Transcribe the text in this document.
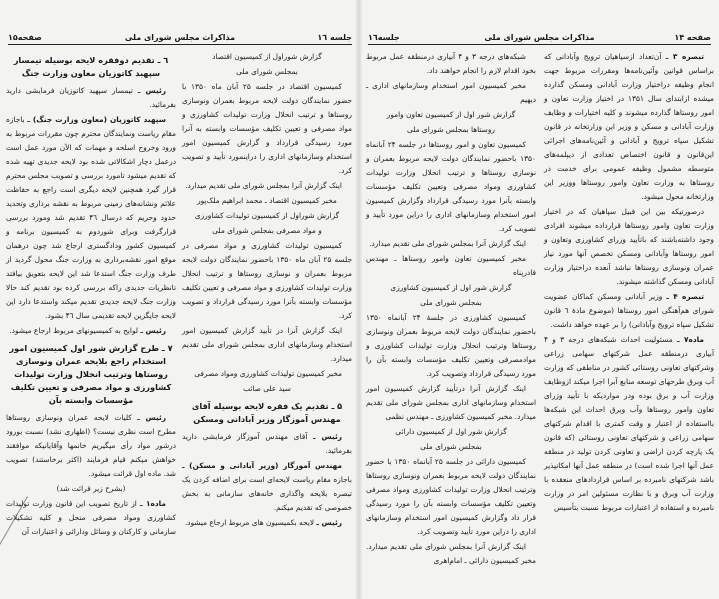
مذاکرات مجلس شورای ملی	جلسه ۱٦
صفحه۱۵
گزارش شوراول از کمیسیون اقتصاد
بمجلس شورای ملی
کمیسیون اقتصاد در جلسه ۲۵ آبان ماه ۱۳۵۰ با حضور نمایندگان دولت لایحه مربوط بعمران ونوسازی روستاها و ترتیب انحلال وزارت تولیدات کشاورزی و مواد مصرفی و تعیین تکلیف مؤسسات وابسته به آنرا مورد رسیدگی قرارداد و گزارش کمیسیون امور استخدام وسازمانهای اداری را دراینمورد تأیید و تصویب کرد.
اینک گزارش آنرا بمجلس شورای ملی تقدیم میدارد.
مخبر کمیسیون اقتصاد ـ محمد ابراهیم ملک‌پور
گزارش شوراول از کمیسیون تولیدات کشاورزی
و مواد مصرفی بمجلس شورای ملی
کمیسیون تولیدات کشاورزی و مواد مصرفی در جلسه ۲۵ آبان ماه ۱۳۵۰ باحضور نمایندگان دولت لایحه مربوط بعمران و نوسازی روستاها و ترتیب انحلال وزارت تولیدات کشاورزی و مواد مصرفی و تعیین تکلیف مؤسسات وابسته بآنرا مورد رسیدگی قرارداد و تصویب کرد.
اینک گزارش آنرا در تأیید گزارش کمیسیون امور استخدام وسازمانهای اداری بمجلس شورای ملی تقدیم میدارد.
مخبر کمیسیون تولیدات کشاورزی ومواد مصرفی
سید علی صائب
۵ ـ تقدیم یک فقره لایحه بوسیله آقای مهندس آموزگار وزیر آبادانی ومسکن
رئیس ـ آقای مهندس آموزگار فرمایشی دارید بفرمائید.
مهندس آموزگار (وزیر آبادانی و مسکن) ـ باجازه مقام ریاست لایحه‌ای است برای اضافه کردن یک تبصره بلایحه واگذاری خانه‌های سازمانی به بخش خصوصی که تقدیم میکنم.
رئیس ـ لایحه بکمیسیون های مربوط ارجاع میشود.
٦ ـ تقدیم دوفقره لایحه بوسیله تیمسار سپهبد کاتوزیان معاون وزارت جنگ
رئیس ـ تیمسار سپهبد کاتوزیان فرمایشی دارید بفرمائید.
سپهبد کاتوزیان (معاون وزارت جنگ) ـ باجازه مقام ریاست ونمایندگان محترم چون مقررات مربوط به ورود وخروج اسلحه و مهمات که الآن مورد عمل است درعمل دچار اشکالاتی شده بود لایحه جدیدی تهیه شده که تقدیم میشود تامورد بررسی و تصویب مجلس محترم قرار گیرد همچنین لایحه دیگری است راجع به حفاظت علائم ونشانه‌های زمینی مربوط به نقشه برداری وتحدید حدود وحریم که درسال ۴٦ تقدیم شد ومورد بررسی قرارگرفت وبرای شوردوم به کمیسیون برنامه و کمیسیون کشور ودادگستری ارجاع شد چون درهمان موقع امور نقشه‌برداری به وزارت جنگ محول گردید از طرف وزارت جنگ استدعا شد این لایحه بتعویق بیافتد تانظریات جدیدی راکه بررسی کرده بود تقدیم کند حالا وزارت جنگ لایحه جدیدی تقدیم میکند واستدعا دارد این لایحه جایگزین لایحه تقدیمی سال ۴٦ بشود.
رئیس ـ لوایح به کمیسیونهای مربوط ارجاع میشود.
۷ ـ طرح گزارش شور اول کمیسیون امور استخدام راجع بلایحه عمران ونوسازی روستاها وترتیب انحلال وزارت تولیدات کشاورزی و مواد مصرفی و تعیین تکلیف مؤسسات وابسته بآن
رئیس ـ کلیات لایحه عمران ونوسازی روستاها مطرح است نظری نیست؟ (اظهاری نشد) نسبت بورود درشور مواد رأی میگیریم خانمها وآقایانیکه موافقند خواهش میکنم قیام فرمایند (اکثر برخاستند) تصویب شد. ماده اول قرائت میشود.
(بشرح زیر قرائت شد)
ماده۱ ـ از تاریخ تصویب این قانون وزارت تولیدات کشاورزی ومواد مصرفی منحل و کلیه تشکیلات سازمانی و کارکنان و وسائل ودارائی و اعتبارات آن
مذاکرات مجلس شورای ملی	صفحه ۱۴
جلسه۱٦
شبکه‌های درجه ۳ و ۴ آبیاری درمنطقه عمل مربوط بخود اقدام لازم را انجام خواهند داد.
مخبر کمیسیون امور استخدام وسازمانهای اداری ـ دیهیم
گزارش شور اول از کمیسیون تعاون وامور
روستاها بمجلس شورای ملی
کمیسیون تعاون و امور روستاها در جلسه ۲۴ آبانماه ۱۳۵۰ باحضور نمایندگان دولت لایحه مربوط بعمران و نوسازی روستاها و ترتیب انحلال وزارت تولیدات کشاورزی ومواد مصرفی وتعیین تکلیف مؤسسات وابسته بآنرا مورد رسیدگی قرارداد وگزارش کمیسیون امور استخدام وسازمانهای اداری را دراین مورد تأیید و تصویب کرد.
اینک گزارش آنرا بمجلس شورای ملی تقدیم میدارد.
مخبر کمیسیون تعاون وامور روستاها ـ مهندس قادرپناه
گزارش شور اول از کمیسیون کشاورزی
بمجلس شورای ملی
کمیسیون کشاورزی در جلسهٔ ۲۴ آبانماه ۱۳۵۰ باحضور نمایندگان دولت لایحه مربوط بعمران ونوسازی روستاها وترتیب انحلال وزارت تولیدات کشاورزی و موادمصرفی وتعیین تکلیف مؤسسات وابسته بآن را مورد رسیدگی قرارداد وتصویب کرد.
اینک گزارش آنرا درتأیید گزارش کمیسیون امور استخدام وسازمانهای اداری بمجلس شورای ملی تقدیم میدارد. مخبر کمیسیون کشاورزی ـ مهندس نظمی
گزارش شور اول از کمیسیون دارائی
بمجلس شورای ملی
کمیسیون دارائی در جلسه ۲۵ آبانماه ۱۳۵۰ با حضور نمایندگان دولت لایحه مربوط بعمران ونوسازی روستاها وترتیب انحلال وزارت تولیدات کشاورزی ومواد مصرفی وتعیین تکلیف مؤسسات وابسته بآن را مورد رسیدگی قرار داد وگزارش کمیسیون امور استخدام وسازمانهای اداری را دراین مورد تأیید وتصویب کرد.
اینک گزارش آنرا بمجلس شورای ملی تقدیم میدارد. مخبر کمیسیون دارائی ـ امام‌اهری
تبصره ۳ ـ آن‌تعداد ازسپاهیان ترویج وآبادانی که براساس قوانین وآئین‌نامه‌ها ومقررات مربوط جهت انجام وظیفه دراختیار وزارت آبادانی ومسکن گذارده میشده ازابتدای سال ۱۳۵۱ در اختیار وزارت تعاون و امور روستاها گذارده میشوند و کلیه اختیارات و وظایف وزارت آبادانی و مسکن و وزیر این وزارتخانه در قانون تشکیل سپاه ترویج و آبادانی و آئین‌نامه‌های اجرائی این‌قانون و قانون اختصاص تعدادی از دیپلمه‌های متوسطه مشمول وظیفه عمومی برای خدمت در روستاها به وزارت تعاون وامور روستاها ووزیر این وزارتخانه محول میشود.
درصورتیکه بین این قبیل سپاهیان که در اختیار وزارت تعاون وامور روستاها قرارداده میشوند افرادی وجود داشته‌باشند که باتأیید وزرای کشاورزی وتعاون و امور روستاها وآبادانی ومسکن تخصص آنها مورد نیاز عمران ونوسازی روستاها نباشد آنعده دراختیار وزارت آبادانی ومسکن گذاشته میشوند.
تبصره ۴ ـ وزیر آبادانی ومسکن کماکان عضویت شورای هم‌آهنگی امور روستاها (موضوع مادهٔ ٦ قانون تشکیل سپاه ترویج وآبادانی) را بر عهده خواهد داشت.
ماده۷ ـ مسئولیت احداث شبکه‌های درجه ۳ و ۴ آبیاری درمنطقه عمل شرکتهای سهامی زراعی وشرکتهای تعاونی روستائی کشور در مناطقی که وزارت آب وبرق طرحهای توسعه منابع آبرا اجرا میکند ازوظایف وزارت آب و برق بوده ودر مواردیکه با تأیید وزرای تعاون وامور روستاها وآب وبرق احداث این شبکه‌ها بااستفاده از اعتبار و وقت کمتری با اقدام شرکتهای سهامی زراعی و شرکتهای تعاونی روستائی (که قانون یک پارچه کردن اراضی و تعاونی کردن تولید در منطقه عمل آنها اجرا شده است) در منطقه عمل آنها امکانپذیر باشد شرکتهای نامبرده بر اساس قراردادهای منعقده با وزارت آب وبرق و با نظارت مسئولین امر در وزارت نامبرده و استفاده از اعتبارات مربوط نسبت بتأسیس
